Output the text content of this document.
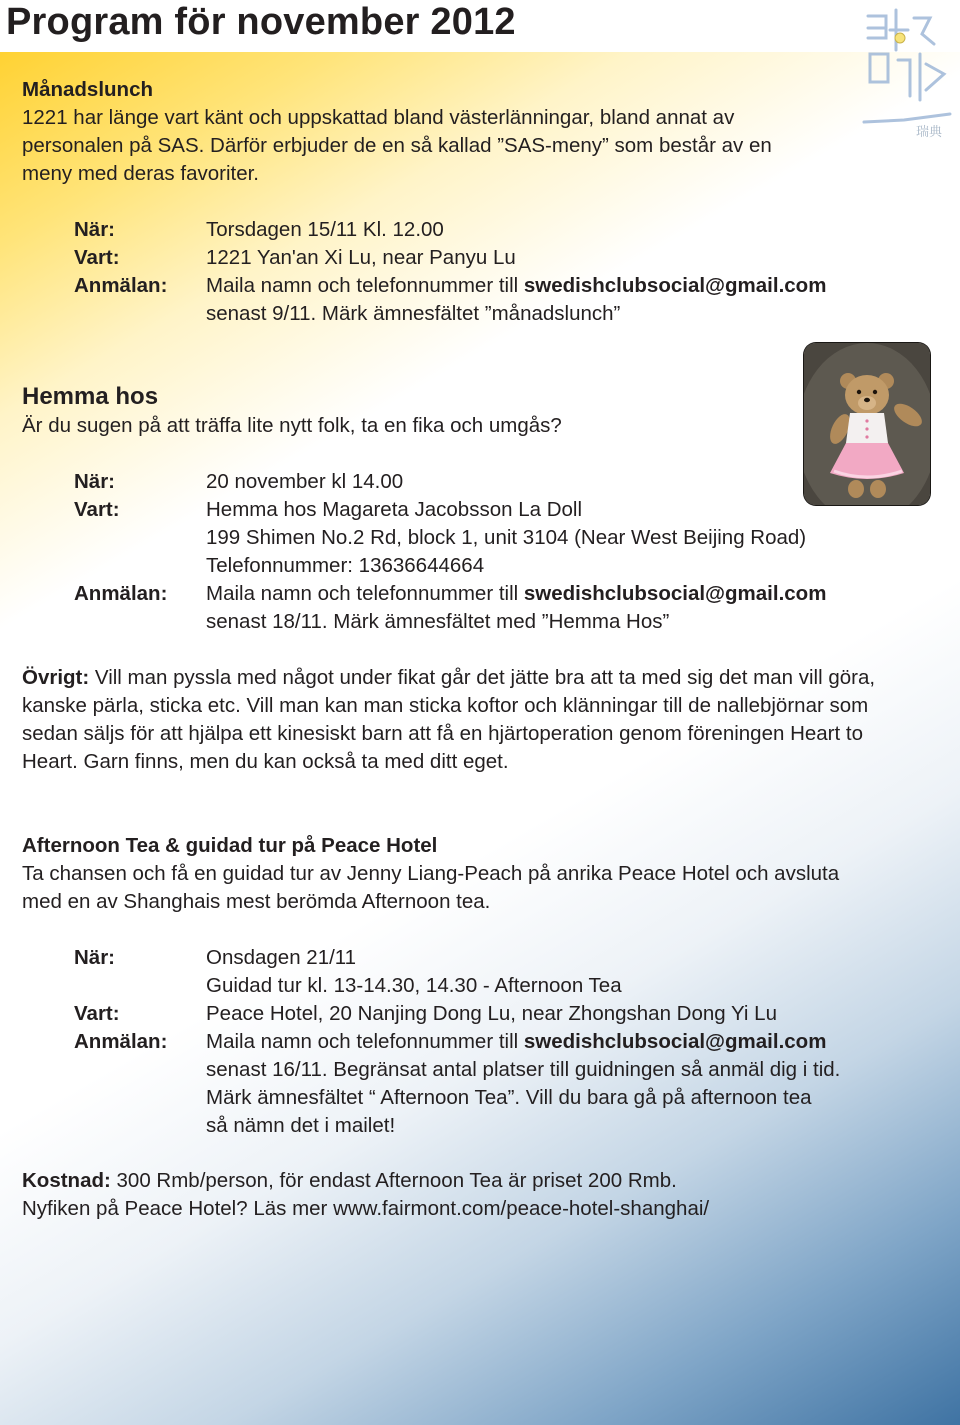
Program för november 2012
瑞典
Månadslunch
1221 har länge vart känt och uppskattad bland västerlänningar, bland annat av
personalen på SAS. Därför erbjuder de en så kallad ”SAS-meny” som består av en
meny med deras favoriter.
När:	Torsdagen 15/11 Kl. 12.00
Vart:	1221 Yan'an Xi Lu, near Panyu Lu
Anmälan: Maila namn och telefonnummer till swedishclubsocial@gmail.com
senast 9/11. Märk ämnesfältet ”månadslunch”
Hemma hos
Är du sugen på att träffa lite nytt folk, ta en fika och umgås?
När:	20 november kl 14.00
Vart:	Hemma hos Magareta Jacobsson La Doll
199 Shimen No.2 Rd, block 1, unit 3104 (Near West Beijing Road)
Telefonnummer: 13636644664
Anmälan: Maila namn och telefonnummer till swedishclubsocial@gmail.com
senast 18/11. Märk ämnesfältet med ”Hemma Hos”
Övrigt: Vill man pyssla med något under fikat går det jätte bra att ta med sig det man vill göra,
kanske pärla, sticka etc. Vill man kan man sticka koftor och klänningar till de nallebjörnar som
sedan säljs för att hjälpa ett kinesiskt barn att få en hjärtoperation genom föreningen Heart to
Heart. Garn finns, men du kan också ta med ditt eget.
Afternoon Tea & guidad tur på Peace Hotel
Ta chansen och få en guidad tur av Jenny Liang-Peach på anrika Peace Hotel och avsluta
med en av Shanghais mest berömda Afternoon tea.
När:	Onsdagen 21/11
Guidad tur kl. 13-14.30, 14.30 - Afternoon Tea
Vart:	Peace Hotel, 20 Nanjing Dong Lu, near Zhongshan Dong Yi Lu
Anmälan: Maila namn och telefonnummer till swedishclubsocial@gmail.com
senast 16/11. Begränsat antal platser till guidningen så anmäl dig i tid.
Märk ämnesfältet “ Afternoon Tea”. Vill du bara gå på afternoon tea
så nämn det i mailet!
Kostnad: 300 Rmb/person, för endast Afternoon Tea är priset 200 Rmb.
Nyfiken på Peace Hotel? Läs mer www.fairmont.com/peace-hotel-shanghai/
